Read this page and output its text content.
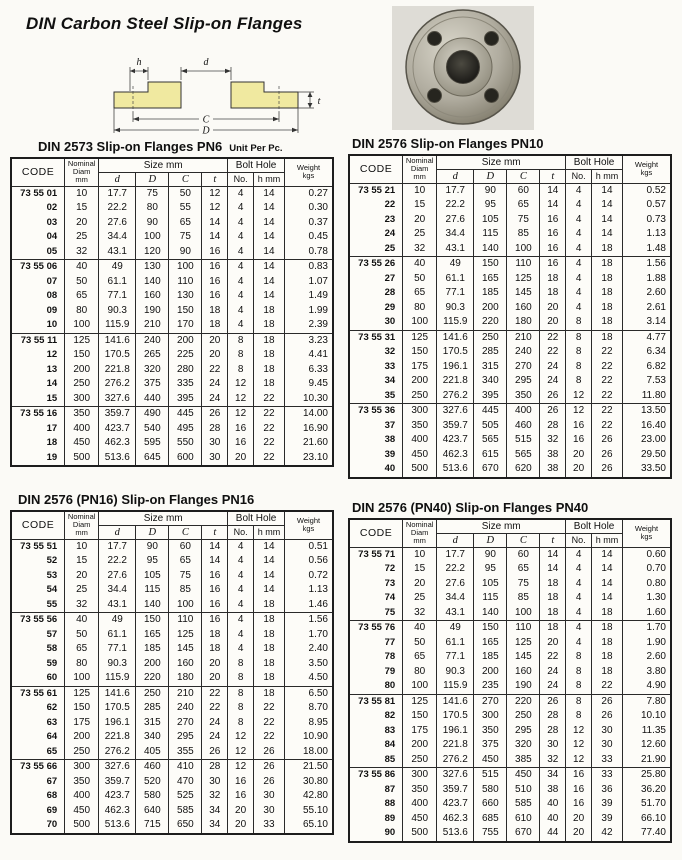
DIN Carbon Steel Slip-on Flanges
h	d
t
C
D
DIN 2573 Slip-on Flanges PN6 Unit Per Pc.
CODE	Nominal
Diam
mm	Size mm				Bolt Hole		Weight
kgs
		d	D	C	t	No.	h mm	
73 55 01	10	17.7	75	50	12	4	14	0.27
02	15	22.2	80	55	12	4	14	0.30
03	20	27.6	90	65	14	4	14	0.37
04	25	34.4	100	75	14	4	14	0.45
05	32	43.1	120	90	16	4	14	0.78
73 55 06	40	49	130	100	16	4	14	0.83
07	50	61.1	140	110	16	4	14	1.07
08	65	77.1	160	130	16	4	14	1.49
09	80	90.3	190	150	18	4	18	1.99
10	100	115.9	210	170	18	4	18	2.39
73 55 11	125	141.6	240	200	20	8	18	3.23
12	150	170.5	265	225	20	8	18	4.41
13	200	221.8	320	280	22	8	18	6.33
14	250	276.2	375	335	24	12	18	9.45
15	300	327.6	440	395	24	12	22	10.30
73 55 16	350	359.7	490	445	26	12	22	14.00
17	400	423.7	540	495	28	16	22	16.90
18	450	462.3	595	550	30	16	22	21.60
19	500	513.6	645	600	30	20	22	23.10
DIN 2576 Slip-on Flanges PN10
CODE	Nominal
Diam
mm	Size mm				Bolt Hole		Weight
kgs
		d	D	C	t	No.	h mm	
73 55 21	10	17.7	90	60	14	4	14	0.52
22	15	22.2	95	65	14	4	14	0.57
23	20	27.6	105	75	16	4	14	0.73
24	25	34.4	115	85	16	4	14	1.13
25	32	43.1	140	100	16	4	18	1.48
73 55 26	40	49	150	110	16	4	18	1.56
27	50	61.1	165	125	18	4	18	1.88
28	65	77.1	185	145	18	4	18	2.60
29	80	90.3	200	160	20	4	18	2.61
30	100	115.9	220	180	20	8	18	3.14
73 55 31	125	141.6	250	210	22	8	18	4.77
32	150	170.5	285	240	22	8	22	6.34
33	175	196.1	315	270	24	8	22	6.82
34	200	221.8	340	295	24	8	22	7.53
35	250	276.2	395	350	26	12	22	11.80
73 55 36	300	327.6	445	400	26	12	22	13.50
37	350	359.7	505	460	28	16	22	16.40
38	400	423.7	565	515	32	16	26	23.00
39	450	462.3	615	565	38	20	26	29.50
40	500	513.6	670	620	38	20	26	33.50
DIN 2576 (PN16) Slip-on Flanges PN16
CODE	Nominal
Diam
mm	Size mm				Bolt Hole		Weight
kgs
		d	D	C	t	No.	h mm	
73 55 51	10	17.7	90	60	14	4	14	0.51
52	15	22.2	95	65	14	4	14	0.56
53	20	27.6	105	75	16	4	14	0.72
54	25	34.4	115	85	16	4	14	1.13
55	32	43.1	140	100	16	4	18	1.46
73 55 56	40	49	150	110	16	4	18	1.56
57	50	61.1	165	125	18	4	18	1.70
58	65	77.1	185	145	18	4	18	2.40
59	80	90.3	200	160	20	8	18	3.50
60	100	115.9	220	180	20	8	18	4.50
73 55 61	125	141.6	250	210	22	8	18	6.50
62	150	170.5	285	240	22	8	22	8.70
63	175	196.1	315	270	24	8	22	8.95
64	200	221.8	340	295	24	12	22	10.90
65	250	276.2	405	355	26	12	26	18.00
73 55 66	300	327.6	460	410	28	12	26	21.50
67	350	359.7	520	470	30	16	26	30.80
68	400	423.7	580	525	32	16	30	42.80
69	450	462.3	640	585	34	20	30	55.10
70	500	513.6	715	650	34	20	33	65.10
DIN 2576 (PN40) Slip-on Flanges PN40
CODE	Nominal
Diam
mm	Size mm				Bolt Hole		Weight
kgs
		d	D	C	t	No.	h mm	
73 55 71	10	17.7	90	60	14	4	14	0.60
72	15	22.2	95	65	14	4	14	0.70
73	20	27.6	105	75	18	4	14	0.80
74	25	34.4	115	85	18	4	14	1.30
75	32	43.1	140	100	18	4	18	1.60
73 55 76	40	49	150	110	18	4	18	1.70
77	50	61.1	165	125	20	4	18	1.90
78	65	77.1	185	145	22	8	18	2.60
79	80	90.3	200	160	24	8	18	3.80
80	100	115.9	235	190	24	8	22	4.90
73 55 81	125	141.6	270	220	26	8	26	7.80
82	150	170.5	300	250	28	8	26	10.10
83	175	196.1	350	295	28	12	30	11.35
84	200	221.8	375	320	30	12	30	12.60
85	250	276.2	450	385	32	12	33	21.90
73 55 86	300	327.6	515	450	34	16	33	25.80
87	350	359.7	580	510	38	16	36	36.20
88	400	423.7	660	585	40	16	39	51.70
89	450	462.3	685	610	40	20	39	66.10
90	500	513.6	755	670	44	20	42	77.40
